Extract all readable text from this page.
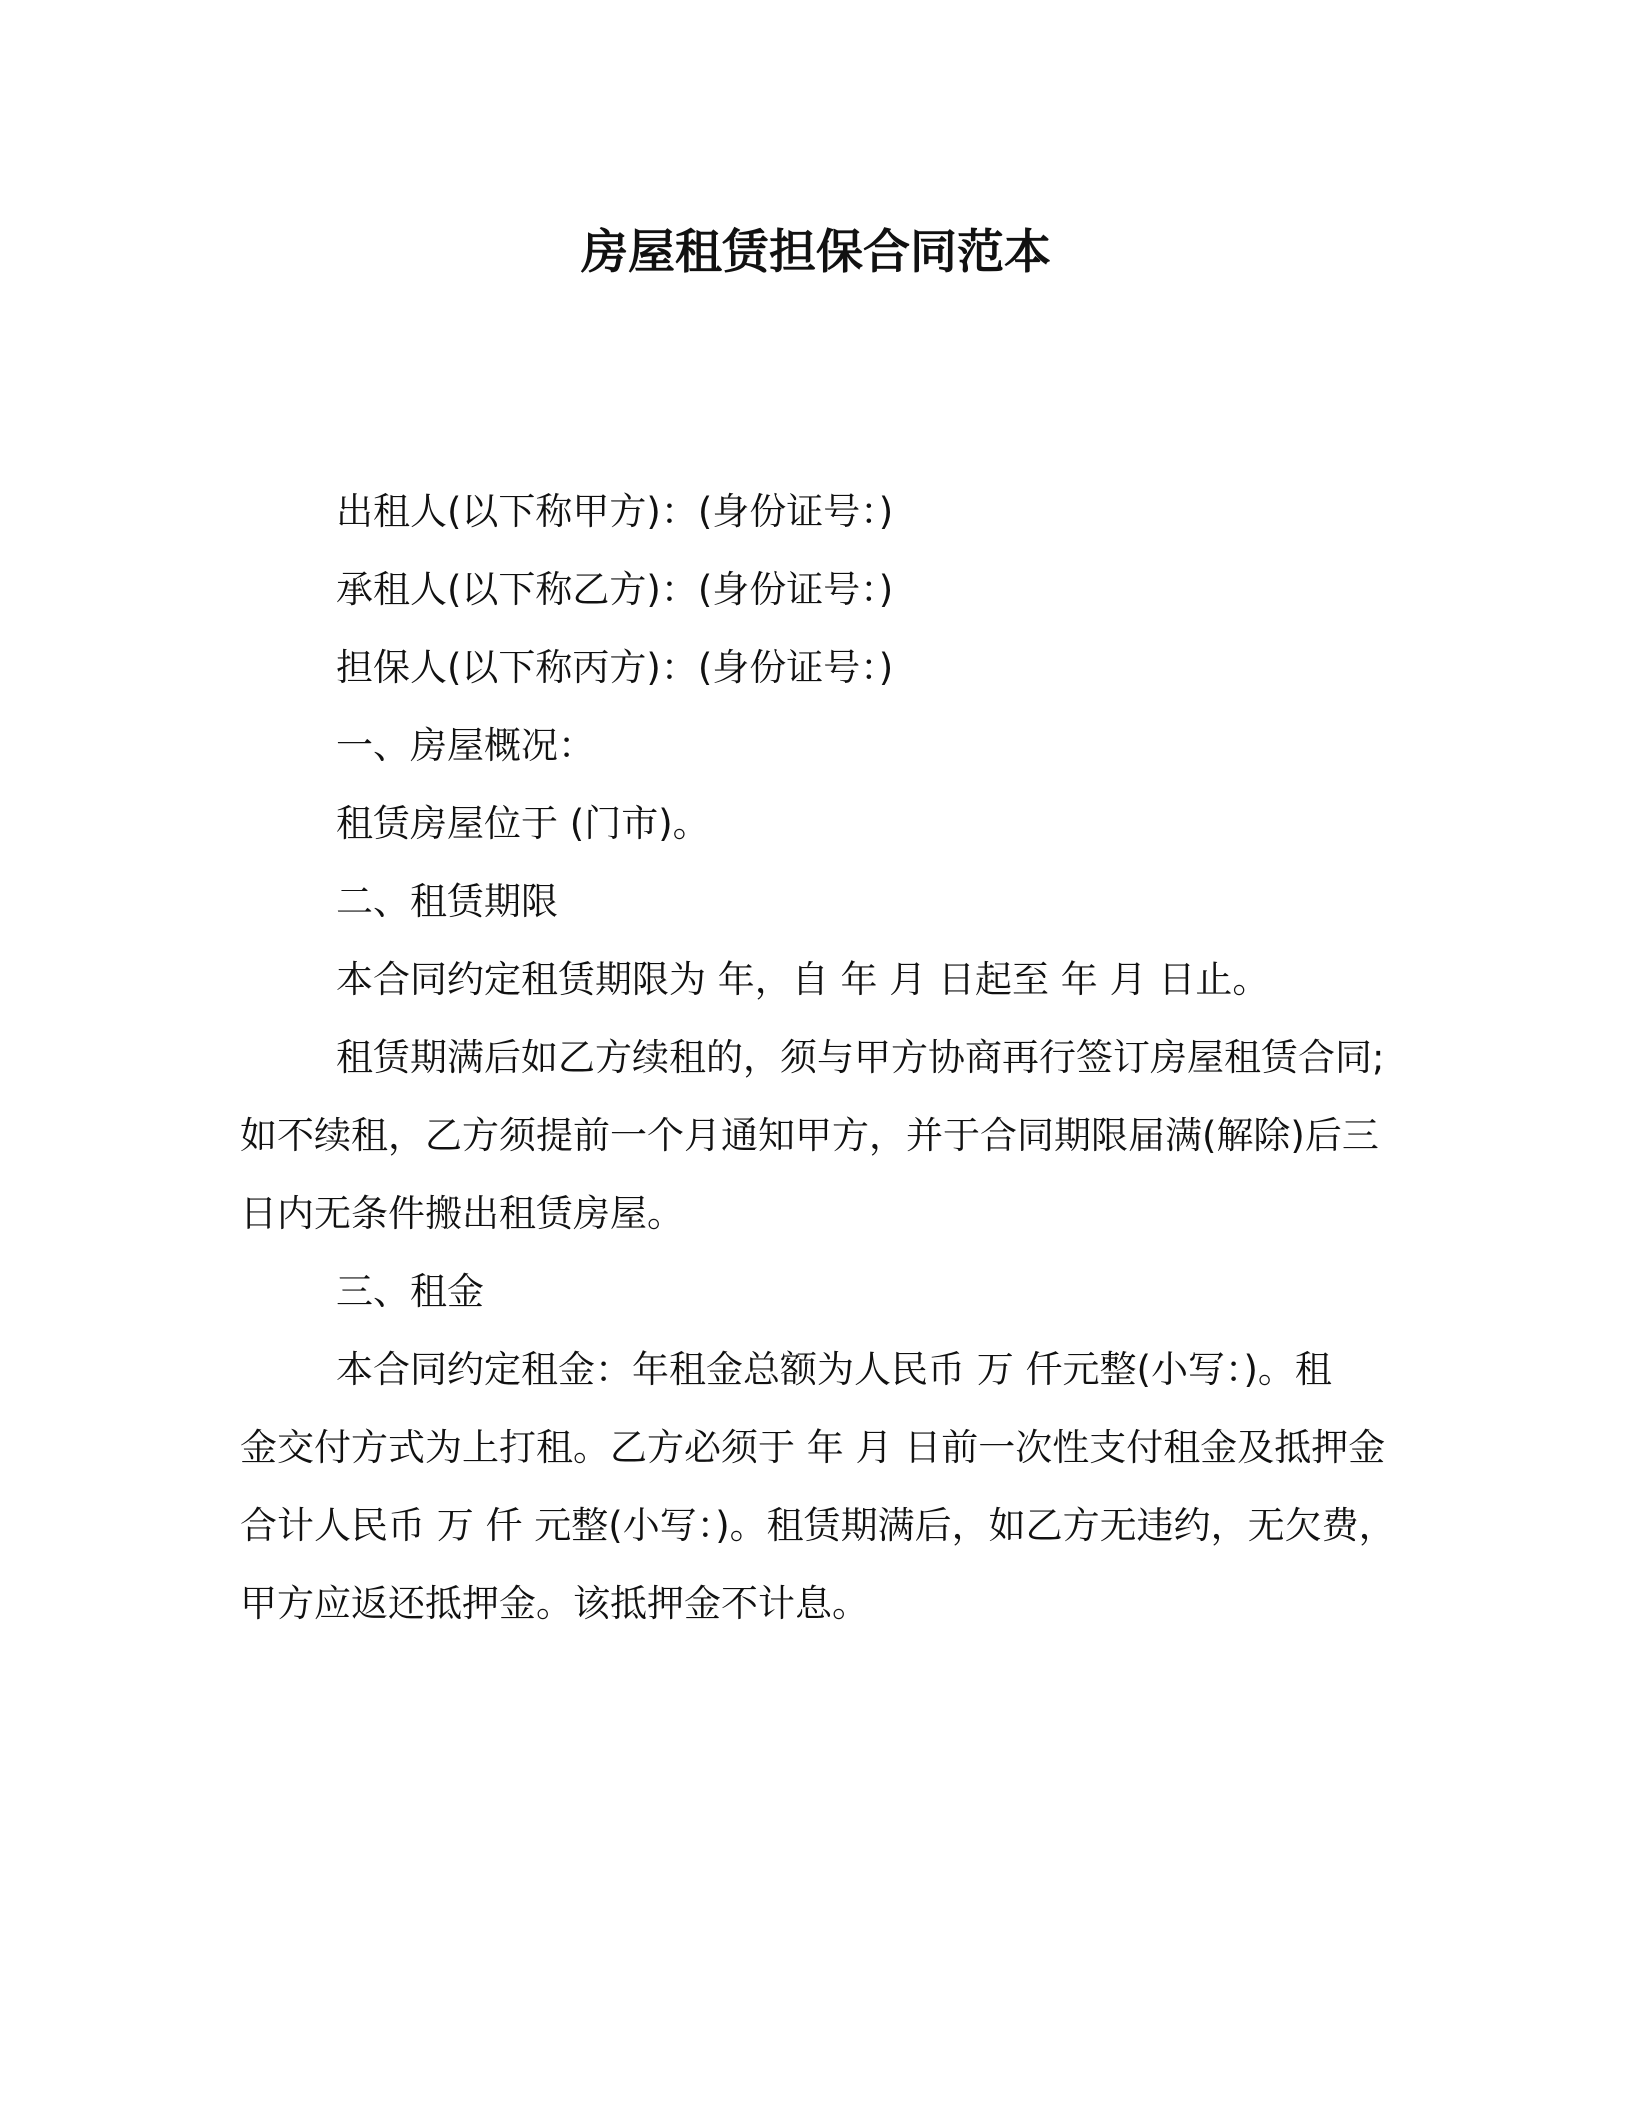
房屋租赁担保合同范本

出租人(以下称甲方)：(身份证号：)

承租人(以下称乙方)：(身份证号：)

担保人(以下称丙方)：(身份证号：)

一、房屋概况：

租赁房屋位于 (门市)。

二、租赁期限

本合同约定租赁期限为 年，自 年 月 日起至 年 月 日止。

租赁期满后如乙方续租的，须与甲方协商再行签订房屋租赁合同;

如不续租，乙方须提前一个月通知甲方，并于合同期限届满(解除)后三

日内无条件搬出租赁房屋。

三、租金

本合同约定租金：年租金总额为人民币 万 仟元整(小写：)。租

金交付方式为上打租。乙方必须于 年 月 日前一次性支付租金及抵押金

合计人民币 万 仟 元整(小写：)。租赁期满后，如乙方无违约，无欠费，

甲方应返还抵押金。该抵押金不计息。
